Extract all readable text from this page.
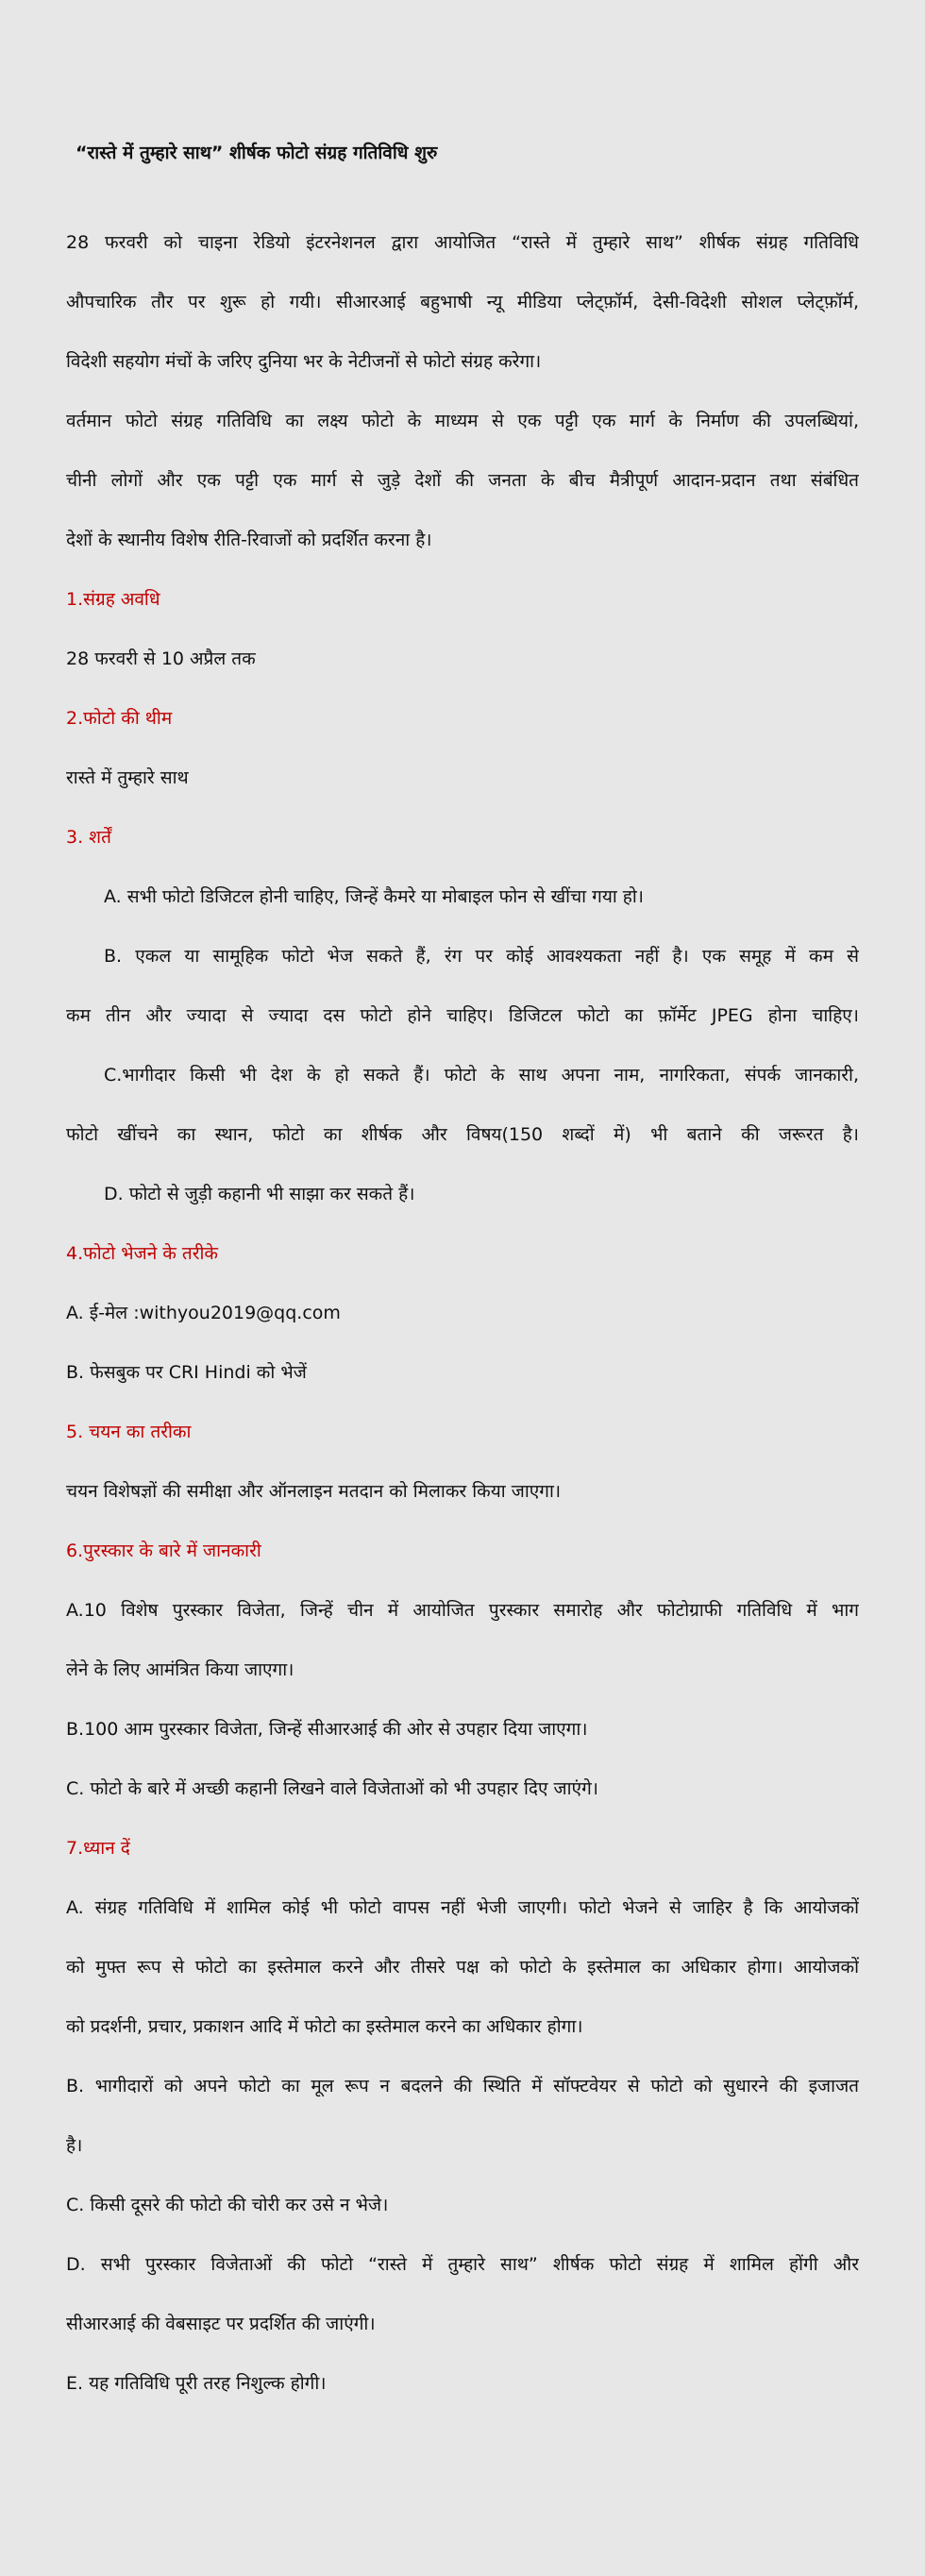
“रास्ते में तुम्हारे साथ” शीर्षक फोटो संग्रह गतिविधि शुरु
28 फरवरी को चाइना रेडियो इंटरनेशनल द्वारा आयोजित “रास्ते में तुम्हारे साथ” शीर्षक संग्रह गतिविधि
औपचारिक तौर पर शुरू हो गयी। सीआरआई बहुभाषी न्यू मीडिया प्लेट्फ़ॉर्म, देसी-विदेशी सोशल प्लेट्फ़ॉर्म,
विदेशी सहयोग मंचों के जरिए दुनिया भर के नेटीजनों से फोटो संग्रह करेगा।
वर्तमान फोटो संग्रह गतिविधि का लक्ष्य फोटो के माध्यम से एक पट्टी एक मार्ग के निर्माण की उपलब्धियां,
चीनी लोगों और एक पट्टी एक मार्ग से जुड़े देशों की जनता के बीच मैत्रीपूर्ण आदान-प्रदान तथा संबंधित
देशों के स्थानीय विशेष रीति-रिवाजों को प्रदर्शित करना है।
1.संग्रह अवधि
28 फरवरी से 10 अप्रैल तक
2.फोटो की थीम
रास्ते में तुम्हारे साथ
3. शर्तें
A. सभी फोटो डिजिटल होनी चाहिए, जिन्हें कैमरे या मोबाइल फोन से खींचा गया हो।
B. एकल या सामूहिक फोटो भेज सकते हैं, रंग पर कोई आवश्यकता नहीं है। एक समूह में कम से
कम तीन और ज्यादा से ज्यादा दस फोटो होने चाहिए। डिजिटल फोटो का फ़ॉर्मेट JPEG होना चाहिए।
C.भागीदार किसी भी देश के हो सकते हैं। फोटो के साथ अपना नाम, नागरिकता, संपर्क जानकारी,
फोटो खींचने का स्थान, फोटो का शीर्षक और विषय(150 शब्दों में) भी बताने की जरूरत है।
D. फोटो से जुड़ी कहानी भी साझा कर सकते हैं।
4.फोटो भेजने के तरीके
A. ई-मेल :withyou2019@qq.com
B. फेसबुक पर CRI Hindi को भेजें
5. चयन का तरीका
चयन विशेषज्ञों की समीक्षा और ऑनलाइन मतदान को मिलाकर किया जाएगा।
6.पुरस्कार के बारे में जानकारी
A.10 विशेष पुरस्कार विजेता, जिन्हें चीन में आयोजित पुरस्कार समारोह और फोटोग्राफी गतिविधि में भाग
लेने के लिए आमंत्रित किया जाएगा।
B.100 आम पुरस्कार विजेता, जिन्हें सीआरआई की ओर से उपहार दिया जाएगा।
C. फोटो के बारे में अच्छी कहानी लिखने वाले विजेताओं को भी उपहार दिए जाएंगे।
7.ध्यान दें
A. संग्रह गतिविधि में शामिल कोई भी फोटो वापस नहीं भेजी जाएगी। फोटो भेजने से जाहिर है कि आयोजकों
को मुफ्त रूप से फोटो का इस्तेमाल करने और तीसरे पक्ष को फोटो के इस्तेमाल का अधिकार होगा। आयोजकों
को प्रदर्शनी, प्रचार, प्रकाशन आदि में फोटो का इस्तेमाल करने का अधिकार होगा।
B. भागीदारों को अपने फोटो का मूल रूप न बदलने की स्थिति में सॉफ्टवेयर से फोटो को सुधारने की इजाजत
है।
C. किसी दूसरे की फोटो की चोरी कर उसे न भेजे।
D. सभी पुरस्कार विजेताओं की फोटो “रास्ते में तुम्हारे साथ” शीर्षक फोटो संग्रह में शामिल होंगी और
सीआरआई की वेबसाइट पर प्रदर्शित की जाएंगी।
E. यह गतिविधि पूरी तरह निशुल्क होगी।
